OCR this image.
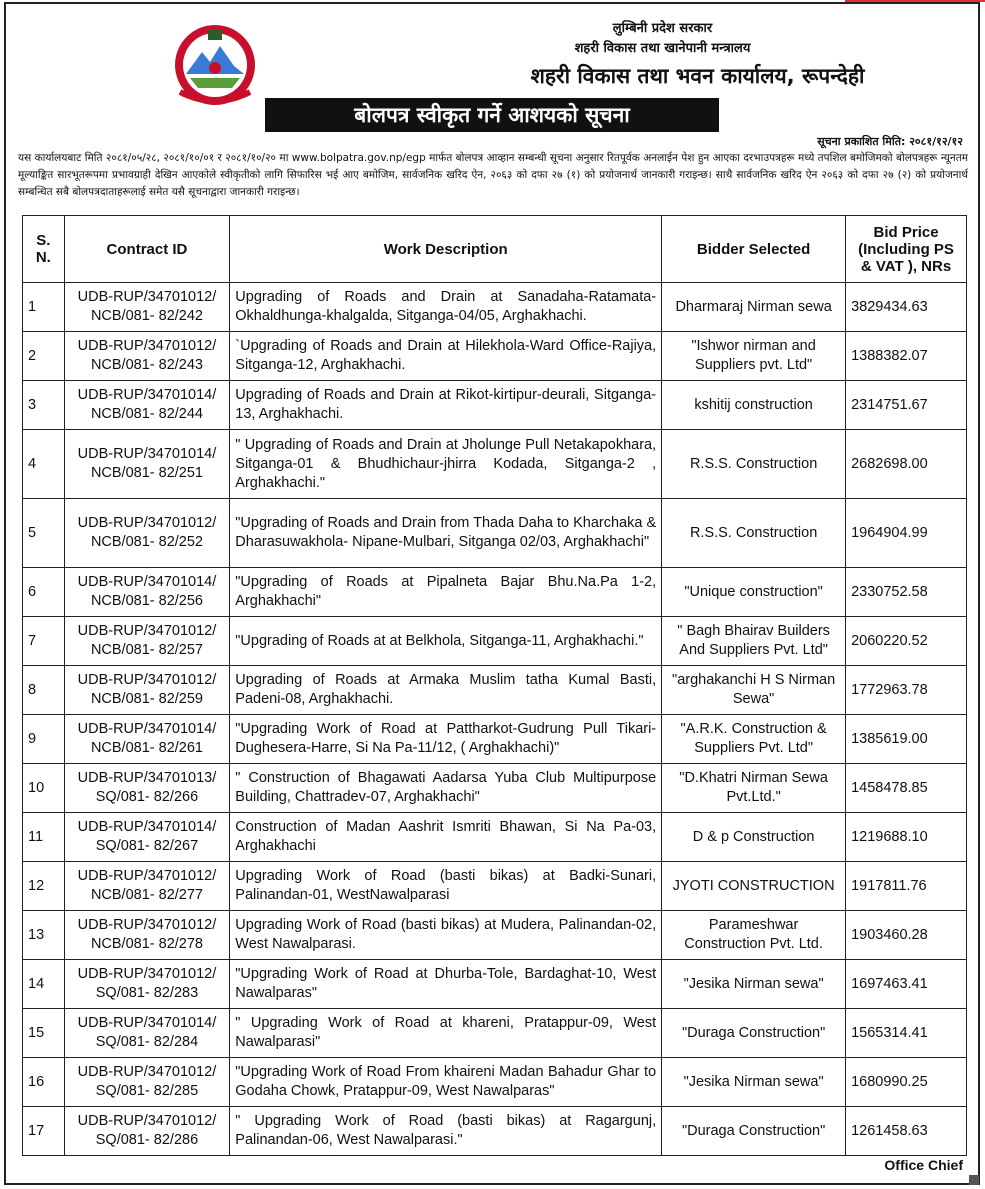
लुम्बिनी प्रदेश सरकार
शहरी विकास तथा खानेपानी मन्त्रालय
शहरी विकास तथा भवन कार्यालय, रूपन्देही
बोलपत्र स्वीकृत गर्ने आशयको सूचना
सूचना प्रकाशित मिति: २०८१/१२/१२
यस कार्यालयबाट मिति २०८१/०५/२८, २०८१/१०/०१ र २०८१/१०/२० मा www.bolpatra.gov.np/egp मार्फत बोलपत्र आव्हान सम्बन्धी सूचना अनुसार रितपूर्वक अनलाईन पेश हुन आएका दरभाउपत्रहरू मध्ये तपशिल बमोजिमको बोलपत्रहरू न्यूनतम मूल्याङ्कित सारभूतरूपमा प्रभावग्राही देखिन आएकोले स्वीकृतीको लागि सिफारिस भई आए बमोजिम, सार्वजनिक खरिद ऐन, २०६३ को दफा २७ (१) को प्रयोजनार्थ जानकारी गराइन्छ। साथै सार्वजनिक खरिद ऐन २०६३ को दफा २७ (२) को प्रयोजनार्थ सम्बन्धित सबै बोलपत्रदाताहरूलाई समेत यसै सूचनाद्वारा जानकारी गराइन्छ।
S. N.	Contract ID	Work Description	Bidder Selected	Bid Price (Including PS & VAT ), NRs
1	UDB-RUP/34701012/ NCB/081- 82/242	Upgrading of Roads and Drain at Sanadaha-Ratamata-Okhaldhunga-khalgalda, Sitganga-04/05, Arghakhachi.	Dharmaraj Nirman sewa	3829434.63
2	UDB-RUP/34701012/ NCB/081- 82/243	`Upgrading of Roads and Drain at Hilekhola-Ward Office-Rajiya, Sitganga-12, Arghakhachi.	"Ishwor nirman and Suppliers pvt. Ltd"	1388382.07
3	UDB-RUP/34701014/ NCB/081- 82/244	Upgrading of Roads and Drain at Rikot-kirtipur-deurali, Sitganga-13, Arghakhachi.	kshitij construction	2314751.67
4	UDB-RUP/34701014/ NCB/081- 82/251	" Upgrading of Roads and Drain at Jholunge Pull Netakapokhara, Sitganga-01 & Bhudhichaur-jhirra Kodada, Sitganga-2 , Arghakhachi."	R.S.S. Construction	2682698.00
5	UDB-RUP/34701012/ NCB/081- 82/252	"Upgrading of Roads and Drain from Thada Daha to Kharchaka & Dharasuwakhola- Nipane-Mulbari, Sitganga 02/03, Arghakhachi"	R.S.S. Construction	1964904.99
6	UDB-RUP/34701014/ NCB/081- 82/256	"Upgrading of Roads at Pipalneta Bajar Bhu.Na.Pa 1-2, Arghakhachi"	"Unique construction"	2330752.58
7	UDB-RUP/34701012/ NCB/081- 82/257	"Upgrading of Roads at at Belkhola, Sitganga-11, Arghakhachi."	" Bagh Bhairav Builders And Suppliers Pvt. Ltd"	2060220.52
8	UDB-RUP/34701012/ NCB/081- 82/259	Upgrading of Roads at Armaka Muslim tatha Kumal Basti, Padeni-08, Arghakhachi.	"arghakanchi H S Nirman Sewa"	1772963.78
9	UDB-RUP/34701014/ NCB/081- 82/261	"Upgrading Work of Road at Pattharkot-Gudrung Pull Tikari-Dughesera-Harre, Si Na Pa-11/12, ( Arghakhachi)"	"A.R.K. Construction & Suppliers Pvt. Ltd"	1385619.00
10	UDB-RUP/34701013/ SQ/081- 82/266	" Construction of Bhagawati Aadarsa Yuba Club Multipurpose Building, Chattradev-07, Arghakhachi"	"D.Khatri Nirman Sewa Pvt.Ltd."	1458478.85
11	UDB-RUP/34701014/ SQ/081- 82/267	Construction of Madan Aashrit Ismriti Bhawan, Si Na Pa-03, Arghakhachi	D & p Construction	1219688.10
12	UDB-RUP/34701012/ NCB/081- 82/277	Upgrading Work of Road (basti bikas) at Badki-Sunari, Palinandan-01, WestNawalparasi	JYOTI CONSTRUCTION	1917811.76
13	UDB-RUP/34701012/ NCB/081- 82/278	Upgrading Work of Road (basti bikas) at Mudera, Palinandan-02, West Nawalparasi.	Parameshwar Construction Pvt. Ltd.	1903460.28
14	UDB-RUP/34701012/ SQ/081- 82/283	"Upgrading Work of Road at Dhurba-Tole, Bardaghat-10, West Nawalparas"	"Jesika Nirman sewa"	1697463.41
15	UDB-RUP/34701014/ SQ/081- 82/284	" Upgrading Work of Road at khareni, Pratappur-09, West Nawalparasi"	"Duraga Construction"	1565314.41
16	UDB-RUP/34701012/ SQ/081- 82/285	"Upgrading Work of Road From khaireni Madan Bahadur Ghar to Godaha Chowk, Pratappur-09, West Nawalparas"	"Jesika Nirman sewa"	1680990.25
17	UDB-RUP/34701012/ SQ/081- 82/286	" Upgrading Work of Road (basti bikas) at Ragargunj, Palinandan-06, West Nawalparasi."	"Duraga Construction"	1261458.63
Office Chief
